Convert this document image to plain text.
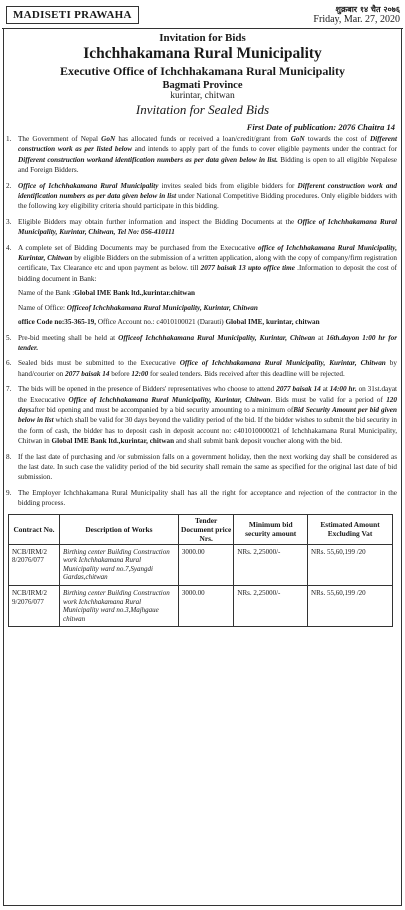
MADISETI PRAWAHA	शुक्रबार १४ चैत २०७६
Friday, Mar. 27, 2020
Invitation for Bids
Ichchhakamana Rural Municipality
Executive Office of Ichchhakamana Rural Municipality
Bagmati Province
kurintar, chitwan
Invitation for Sealed Bids
First Date of publication: 2076 Chaitra 14
1. The Government of Nepal GoN has allocated funds or received a loan/credit/grant from GoN towards the cost of Different construction work as per listed below and intends to apply part of the funds to cover eligible payments under the contract for Different construction workand identification numbers as per data given below in list. Bidding is open to all eligible Nepalese and Foreign Bidders.

2. Office of Ichchhakamana Rural Municipality invites sealed bids from eligible bidders for Different construction work and identification numbers as per data given below in list under National Competitive Bidding procedures. Only eligible bidders with the following key eligibility criteria should participate in this bidding.

3. Eligible Bidders may obtain further information and inspect the Bidding Documents at the Office of Ichchhakamana Rural Municipality, Kurintar, Chitwan, Tel No: 056-410111

4. A complete set of Bidding Documents may be purchased from the Execucative office of Ichchhakamana Rural Municipality, Kurintar, Chitwan by eligible Bidders on the submission of a written application, along with the copy of company/firm registration certificate, Tax Clearance etc and upon payment as below. till 2077 baisak 13 upto office time .Information to deposit the cost of bidding document in Bank:

Name of the Bank :Global IME Bank ltd.,kurintar.chitwan

Name of Office: Officeof Ichchhakamana Rural Municipality, Kurintar, Chitwan

office Code no:35-365-19, Office Account no.: c4010100021 (Darauti) Global IME, kurintar, chitwan

5. Pre-bid meeting shall be held at Officeof Ichchhakamana Rural Municipality, Kurintar, Chitwan at 16th.dayon 1:00 hr for tender.

6. Sealed bids must be submitted to the Execucative Office of Ichchhakamana Rural Municipality, Kurintar, Chitwan by hand/courier on 2077 baisak 14 before 12:00 for sealed tenders. Bids received after this deadline will be rejected.

7. The bids will be opened in the presence of Bidders' representatives who choose to attend 2077 baisak 14 at 14:00 hr. on 31st.dayat the Execucative Office of Ichchhakamana Rural Municipality, Kurintar, Chitwan. Bids must be valid for a period of 120 daysafter bid opening and must be accompanied by a bid security amounting to a minimum ofBid Security Amount per bid given below in list which shall be valid for 30 days beyond the validity period of the bid. If the bidder wishes to submit the bid security in the form of cash, the bidder has to deposit cash in deposit account no: c401010000021 of Ichchhakamana Rural Municipality, Chitwan in Global IME Bank ltd.,kurintar, chitwan and shall submit bank deposit voucher along with the bid.

8. If the last date of purchasing and /or submission falls on a government holiday, then the next working day shall be considered as the last date. In such case the validity period of the bid security shall remain the same as specified for the original last date of bid submission.

9. The Employer Ichchhakamana Rural Municipality shall has all the right for acceptance and rejection of the contractor in the bidding process.

Contract No.	Description of Works	Tender Document price Nrs.	Minimum bid security amount	Estimated Amount Excluding Vat
NCB/IRM/2 8/2076/077	Birthing center Building Construction work Ichchhakamana Rural Municipality ward no.7,Syangdi Gardas,chitwan	3000.00	NRs. 2,25000/-	NRs. 55,60,199 /20
NCB/IRM/2 9/2076/077	Birthing center Building Construction work Ichchhakamana Rural Municipality ward no.3,Majhgaue chitwan	3000.00	NRs. 2,25000/-	NRs. 55,60,199 /20
